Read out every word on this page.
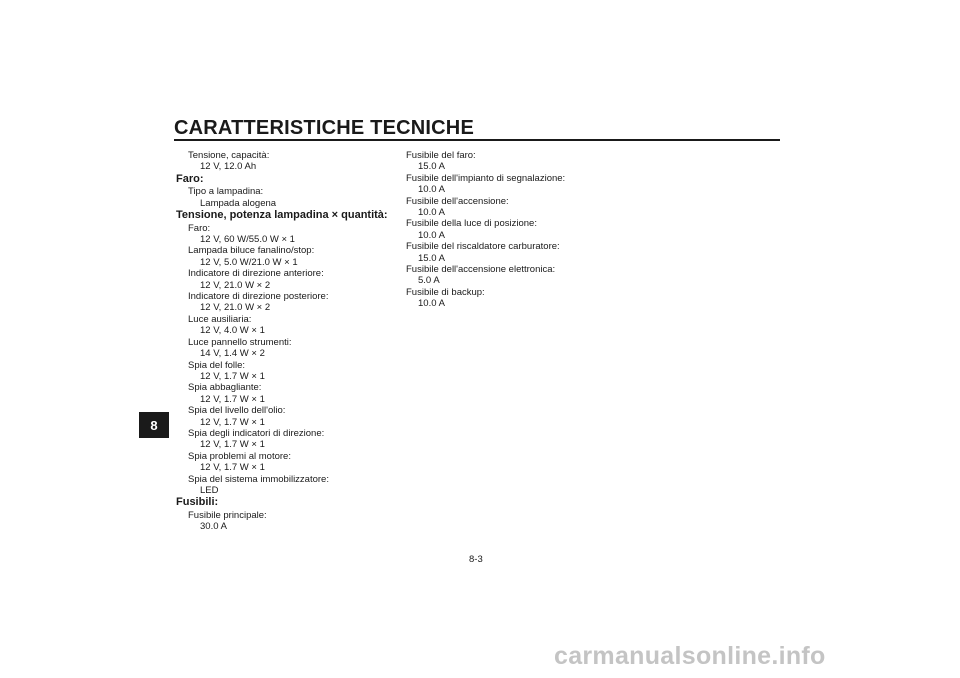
CARATTERISTICHE TECNICHE
8
Tensione, capacità:
12 V, 12.0 Ah
Faro:
Tipo a lampadina:
Lampada alogena
Tensione, potenza lampadina × quantità:
Faro:
12 V, 60 W/55.0 W × 1
Lampada biluce fanalino/stop:
12 V, 5.0 W/21.0 W × 1
Indicatore di direzione anteriore:
12 V, 21.0 W × 2
Indicatore di direzione posteriore:
12 V, 21.0 W × 2
Luce ausiliaria:
12 V, 4.0 W × 1
Luce pannello strumenti:
14 V, 1.4 W × 2
Spia del folle:
12 V, 1.7 W × 1
Spia abbagliante:
12 V, 1.7 W × 1
Spia del livello dell'olio:
12 V, 1.7 W × 1
Spia degli indicatori di direzione:
12 V, 1.7 W × 1
Spia problemi al motore:
12 V, 1.7 W × 1
Spia del sistema immobilizzatore:
LED
Fusibili:
Fusibile principale:
30.0 A
Fusibile del faro:
15.0 A
Fusibile dell'impianto di segnalazione:
10.0 A
Fusibile dell'accensione:
10.0 A
Fusibile della luce di posizione:
10.0 A
Fusibile del riscaldatore carburatore:
15.0 A
Fusibile dell'accensione elettronica:
5.0 A
Fusibile di backup:
10.0 A
8-3
carmanualsonline.info
